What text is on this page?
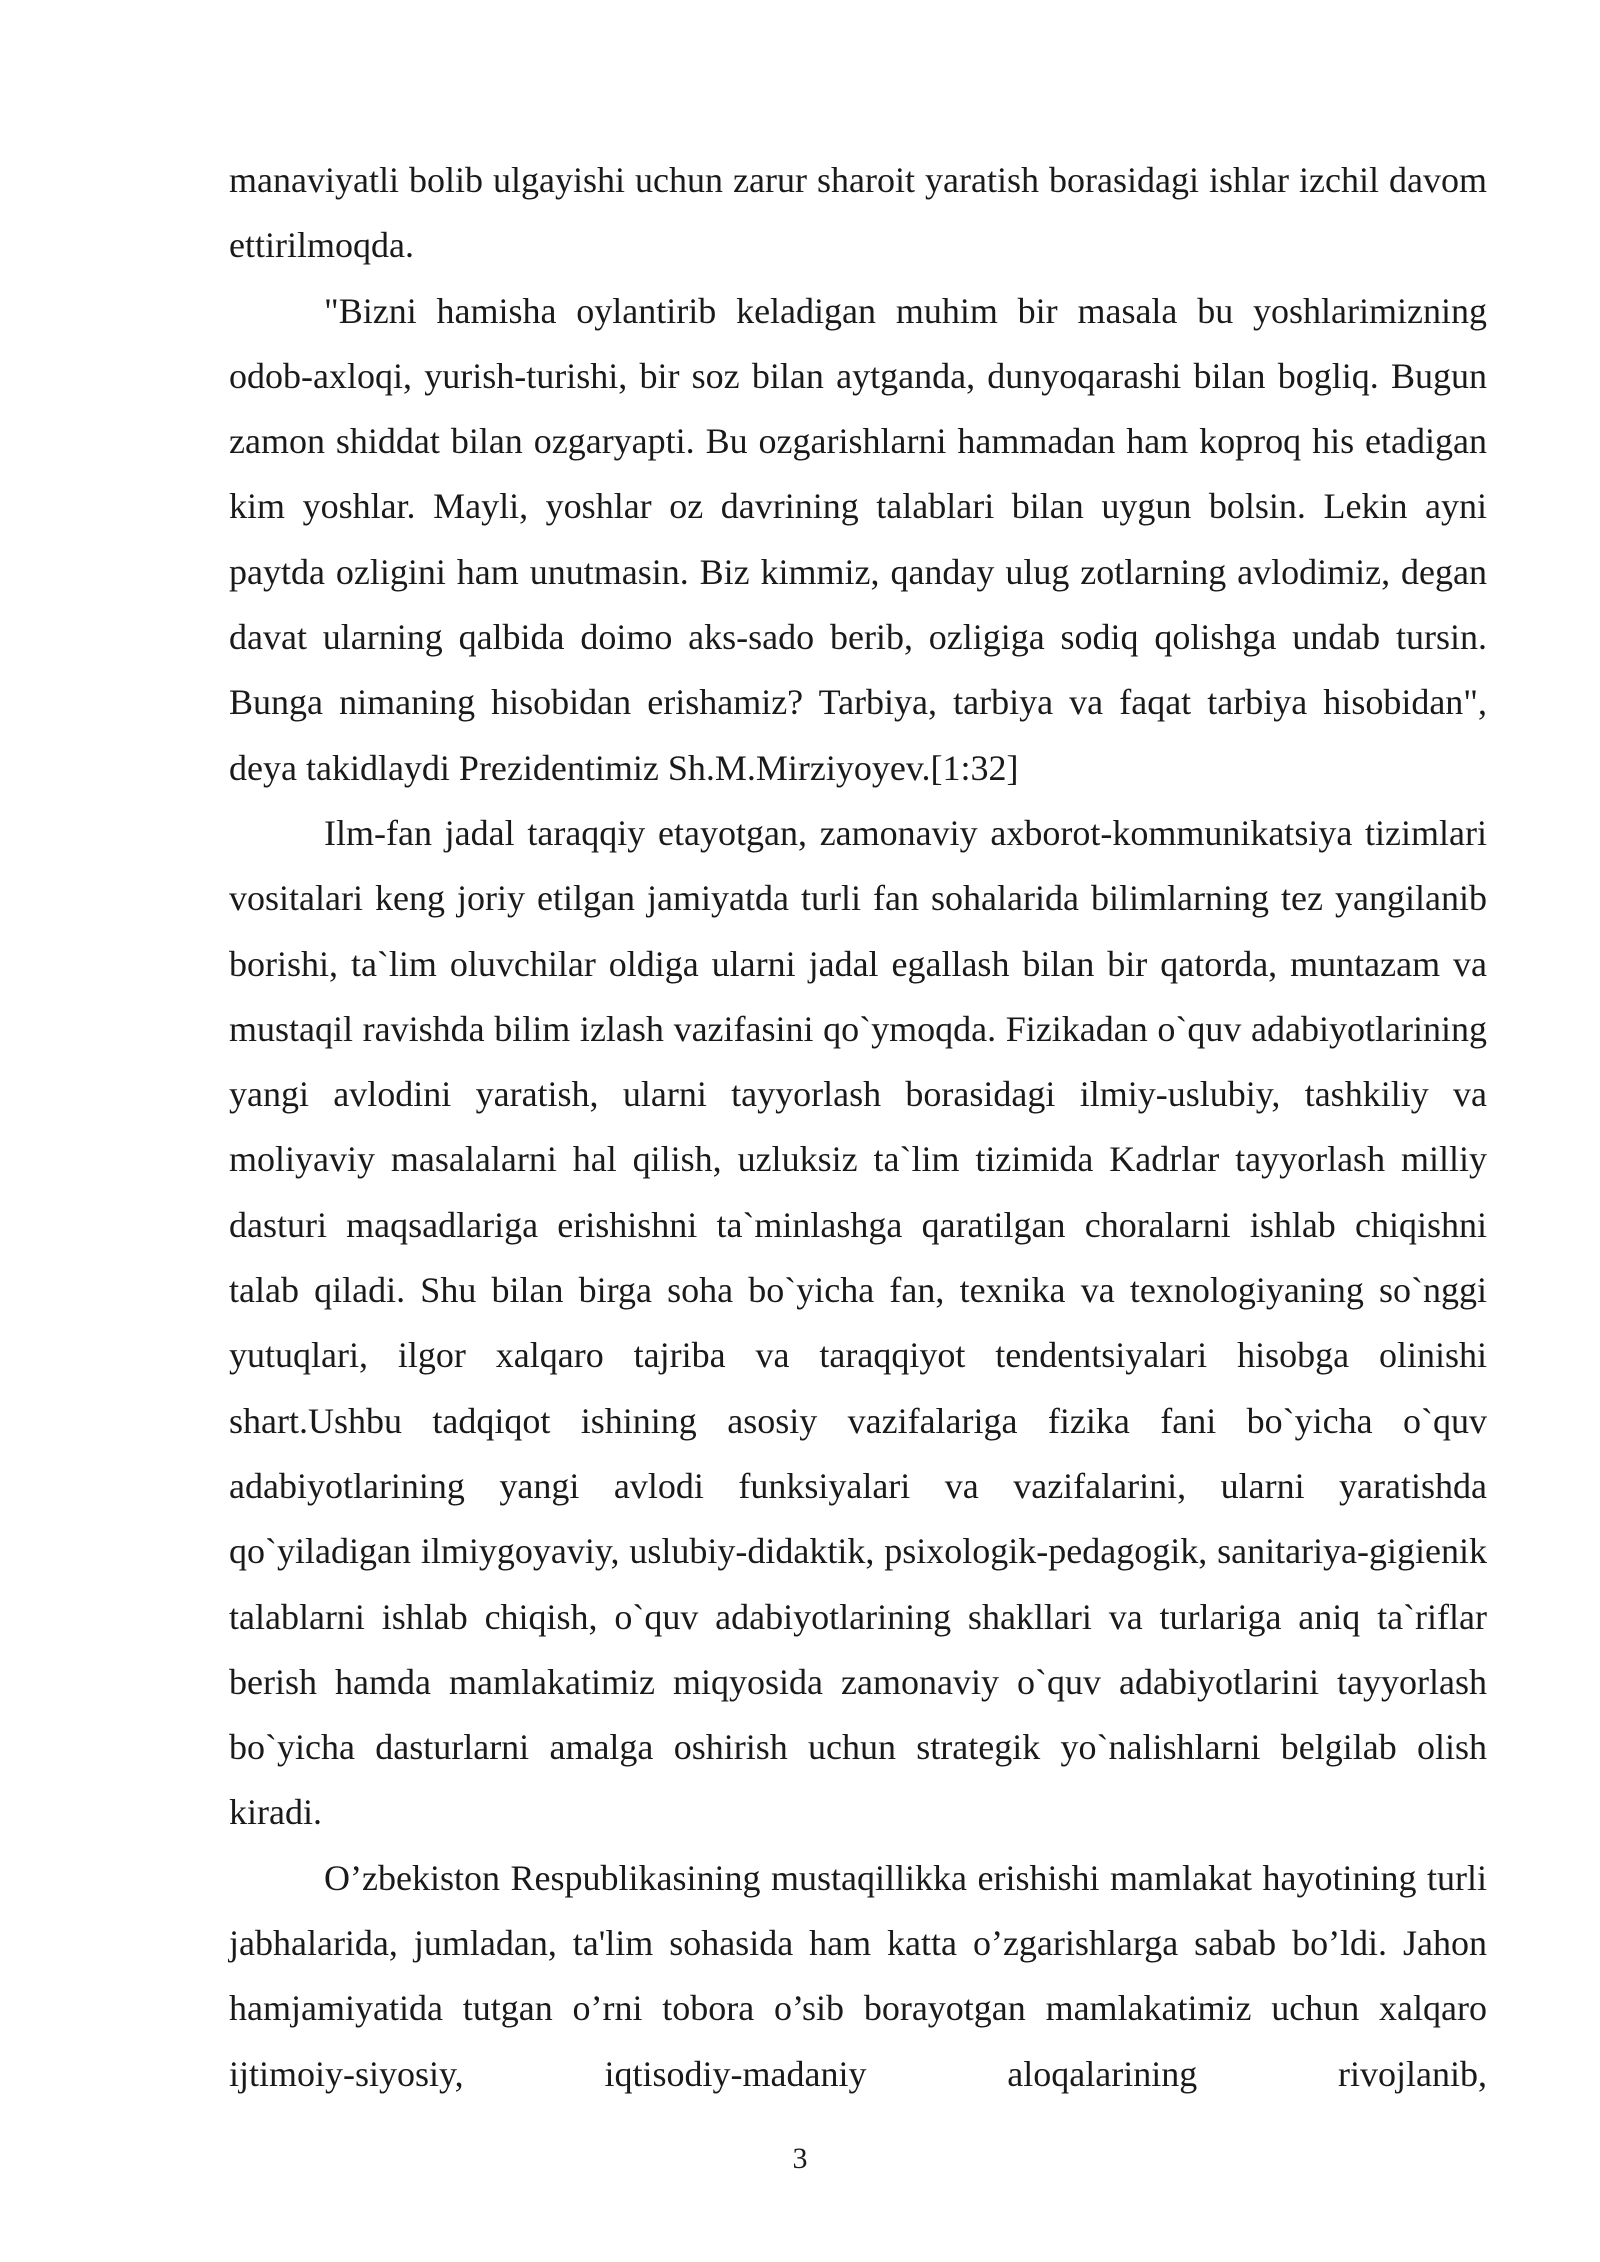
manaviyatli bolib ulgayishi uchun zarur sharoit yaratish borasidagi ishlar izchil davom ettirilmoqda.

"Bizni hamisha oylantirib keladigan muhim bir masala bu yoshlarimizning odob-axloqi, yurish-turishi, bir soz bilan aytganda, dunyoqarashi bilan bogliq. Bugun zamon shiddat bilan ozgaryapti. Bu ozgarishlarni hammadan ham koproq his etadigan kim yoshlar. Mayli, yoshlar oz davrining talablari bilan uygun bolsin. Lekin ayni paytda ozligini ham unutmasin. Biz kimmiz, qanday ulug zotlarning avlodimiz, degan davat ularning qalbida doimo aks-sado berib, ozligiga sodiq qolishga undab tursin. Bunga nimaning hisobidan erishamiz? Tarbiya, tarbiya va faqat tarbiya hisobidan", deya takidlaydi Prezidentimiz Sh.M.Mirziyoyev.[1:32]

Ilm-fan jadal taraqqiy etayotgan, zamonaviy axborot-kommunikatsiya tizimlari vositalari keng joriy etilgan jamiyatda turli fan sohalarida bilimlarning tez yangilanib borishi, ta`lim oluvchilar oldiga ularni jadal egallash bilan bir qatorda, muntazam va mustaqil ravishda bilim izlash vazifasini qo`ymoqda. Fizikadan o`quv adabiyotlarining yangi avlodini yaratish, ularni tayyorlash borasidagi ilmiy-uslubiy, tashkiliy va moliyaviy masalalarni hal qilish, uzluksiz ta`lim tizimida Kadrlar tayyorlash milliy dasturi maqsadlariga erishishni ta`minlashga qaratilgan choralarni ishlab chiqishni talab qiladi. Shu bilan birga soha bo`yicha fan, texnika va texnologiyaning so`nggi yutuqlari, ilgor xalqaro tajriba va taraqqiyot tendentsiyalari hisobga olinishi shart.Ushbu tadqiqot ishining asosiy vazifalariga fizika fani bo`yicha o`quv adabiyotlarining yangi avlodi funksiyalari va vazifalarini, ularni yaratishda qo`yiladigan ilmiygoyaviy, uslubiy-didaktik, psixologik-pedagogik, sanitariya-gigienik talablarni ishlab chiqish, o`quv adabiyotlarining shakllari va turlariga aniq ta`riflar berish hamda mamlakatimiz miqyosida zamonaviy o`quv adabiyotlarini tayyorlash bo`yicha dasturlarni amalga oshirish uchun strategik yo`nalishlarni belgilab olish kiradi.

O’zbekiston Respublikasining mustaqillikka erishishi mamlakat hayotining turli jabhalarida, jumladan, ta'lim sohasida ham katta o’zgarishlarga sabab bo’ldi. Jahon hamjamiyatida tutgan o’rni tobora o’sib borayotgan mamlakatimiz uchun xalqaro ijtimoiy-siyosiy, iqtisodiy-madaniy aloqalarining rivojlanib,

3
